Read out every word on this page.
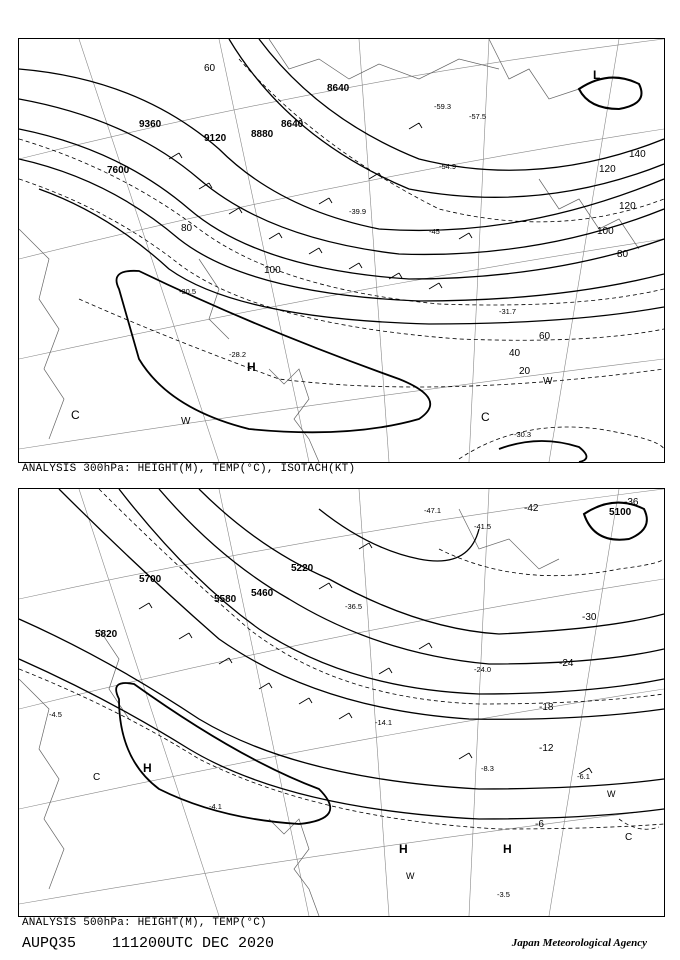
9360
9120 8880
8640
7600
8640
60
80
100
120
140
40
20
60
80
100
120
-30.5
-39.9
-45
-57.5
-31.7
-28.2
-30.3
-59.3
-54.9
H
L
C	C
W
W
ANALYSIS 300hPa: HEIGHT(M), TEMP(°C), ISOTACH(KT)
5700
5580
5460
5220
5100
5820
-30
-24
-18
-12
-6
-36
-42
-47.1
-41.5
-36.5
-24.0
-14.1
-8.3
-6.1
-3.5
-4.1
-4.5
H
H	H
C
C
W
W
ANALYSIS 500hPa: HEIGHT(M), TEMP(°C)
AUPQ35 111200UTC DEC 2020	Japan Meteorological Agency
